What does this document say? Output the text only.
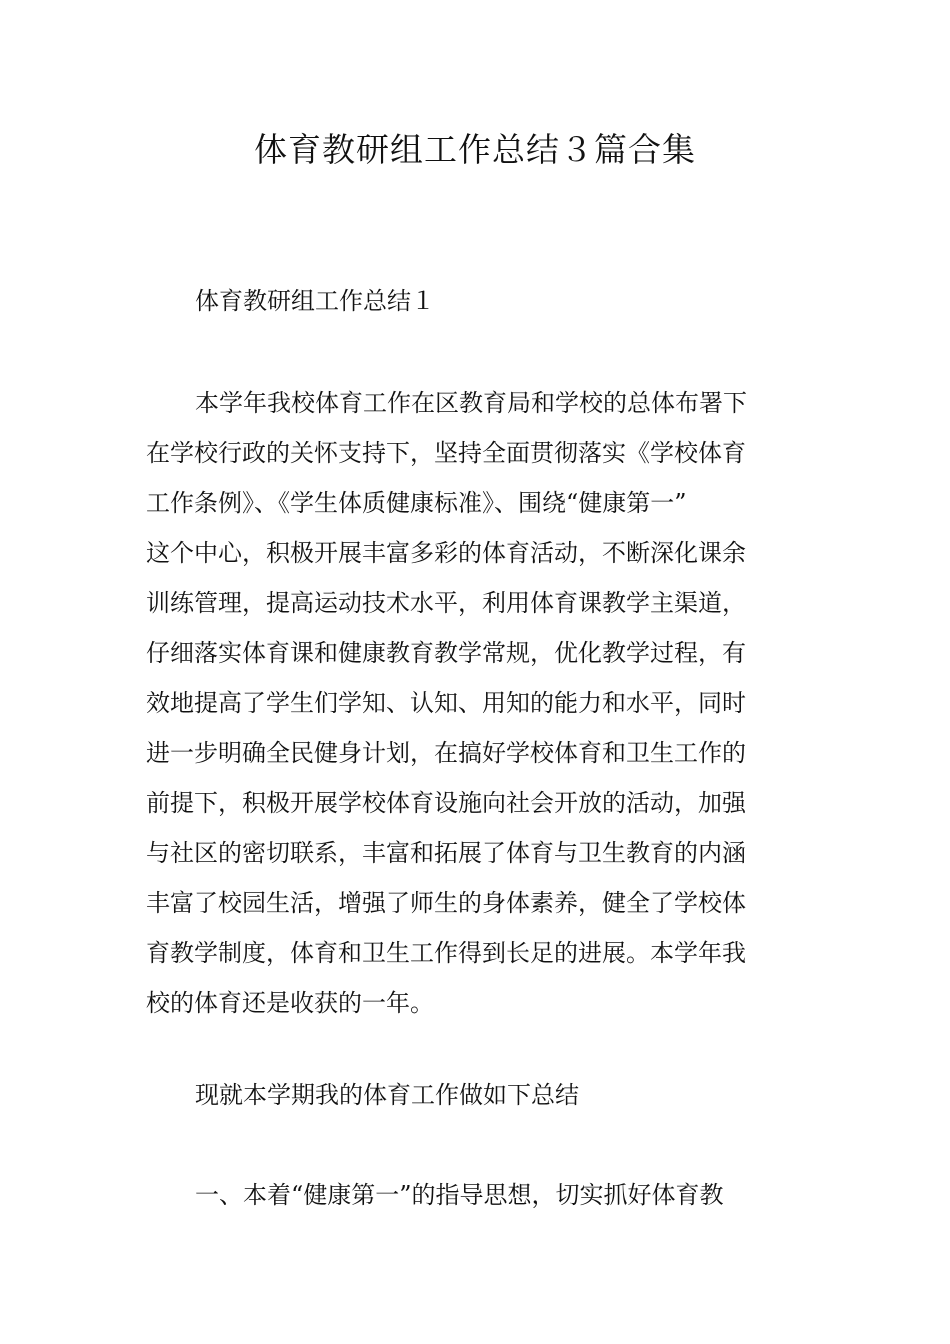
体育教研组工作总结３篇合集
体育教研组工作总结１
本学年我校体育工作在区教育局和学校的总体布署下
在学校行政的关怀支持下，坚持全面贯彻落实《学校体育
工作条例》、《学生体质健康标准》、围绕“健康第一”
这个中心，积极开展丰富多彩的体育活动，不断深化课余
训练管理，提高运动技术水平，利用体育课教学主渠道，
仔细落实体育课和健康教育教学常规，优化教学过程，有
效地提高了学生们学知、认知、用知的能力和水平，同时
进一步明确全民健身计划，在搞好学校体育和卫生工作的
前提下，积极开展学校体育设施向社会开放的活动，加强
与社区的密切联系，丰富和拓展了体育与卫生教育的内涵
丰富了校园生活，增强了师生的身体素养，健全了学校体
育教学制度，体育和卫生工作得到长足的进展。本学年我
校的体育还是收获的一年。
现就本学期我的体育工作做如下总结
一、本着“健康第一”的指导思想，切实抓好体育教
